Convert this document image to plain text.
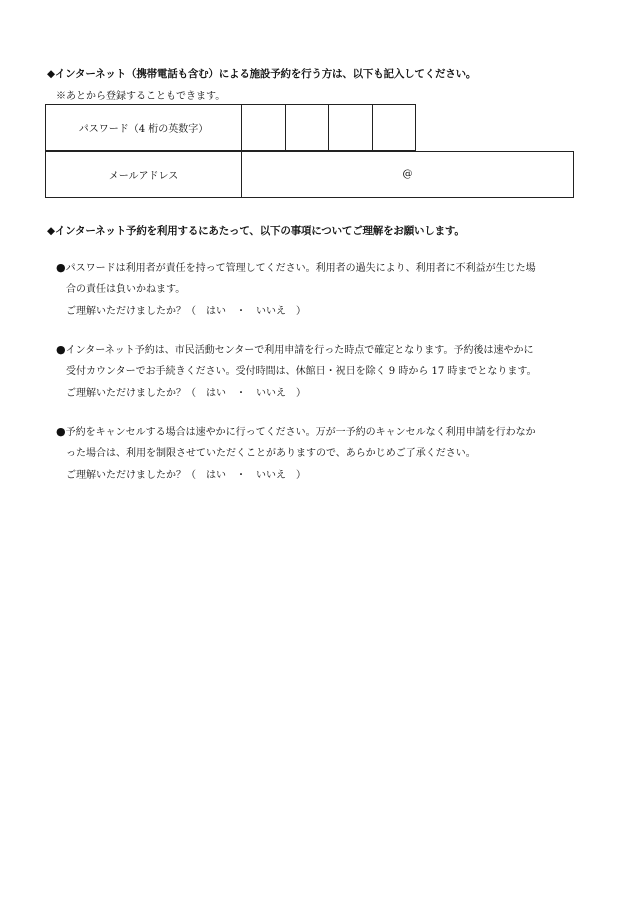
◆インターネット（携帯電話も含む）による施設予約を行う方は、以下も記入してください。
※あとから登録することもできます。
パスワード（4 桁の英数字）				
メールアドレス	@
◆インターネット予約を利用するにあたって、以下の事項についてご理解をお願いします。
●パスワードは利用者が責任を持って管理してください。利用者の過失により、利用者に不利益が生じた場
合の責任は負いかねます。
ご理解いただけましたか？（　はい　・　いいえ　）
●インターネット予約は、市民活動センターで利用申請を行った時点で確定となります。予約後は速やかに
受付カウンターでお手続きください。受付時間は、休館日・祝日を除く 9 時から 17 時までとなります。
ご理解いただけましたか？（　はい　・　いいえ　）
●予約をキャンセルする場合は速やかに行ってください。万が一予約のキャンセルなく利用申請を行わなか
った場合は、利用を制限させていただくことがありますので、あらかじめご了承ください。
ご理解いただけましたか？（　はい　・　いいえ　）
